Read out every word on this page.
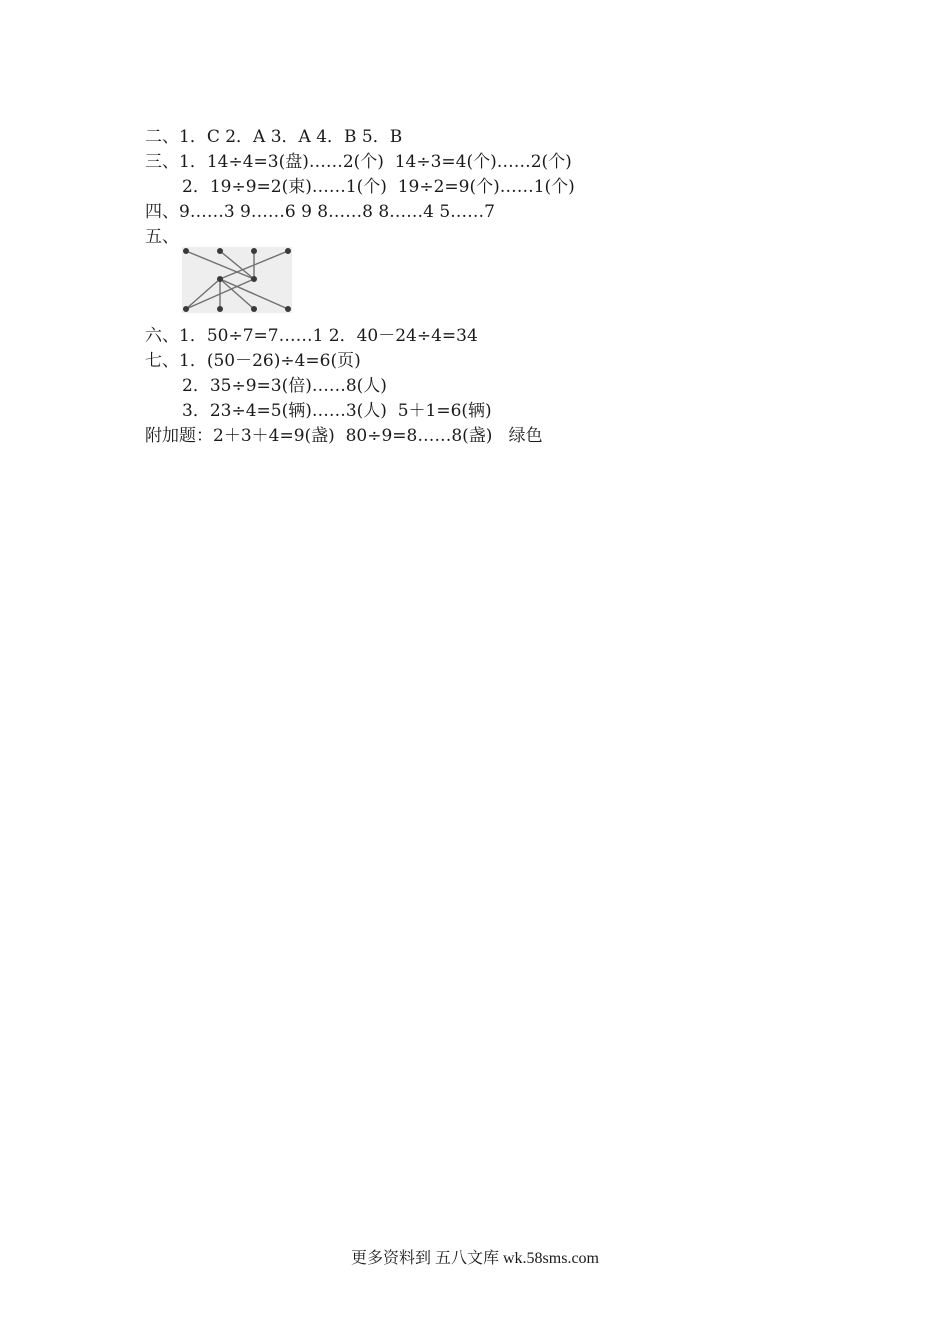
二、1．C 2．A 3．A 4．B 5．B
三、1．14÷4=3(盘)……2(个)  14÷3=4(个)……2(个)
2．19÷9=2(束)……1(个)  19÷2=9(个)……1(个)
四、9……3 9……6 9 8……8 8……4 5……7
五、
六、1．50÷7=7……1 2．40－24÷4=34
七、1．(50－26)÷4=6(页)
2．35÷9=3(倍)……8(人)
3．23÷4=5(辆)……3(人)  5＋1=6(辆)
附加题：2＋3＋4=9(盏)  80÷9=8……8(盏)   绿色
更多资料到 五八文库 wk.58sms.com
